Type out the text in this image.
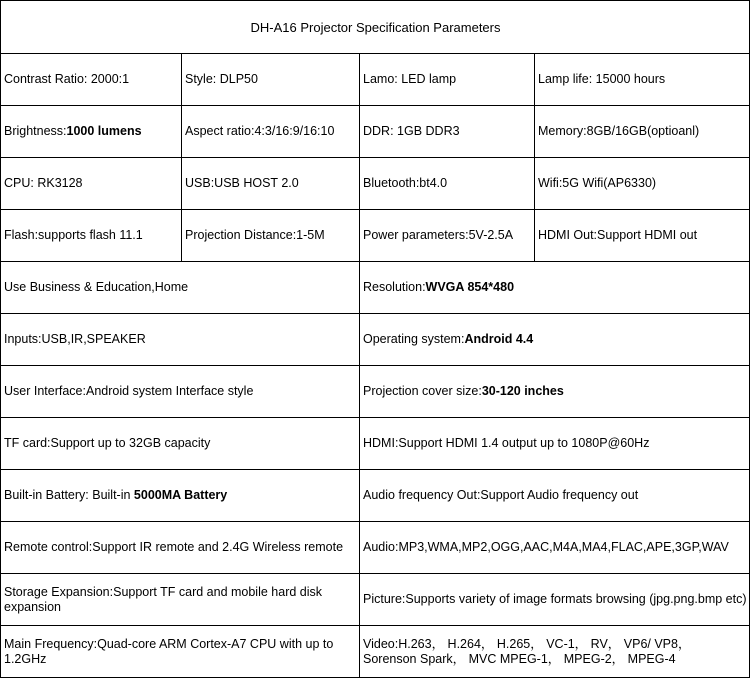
DH-A16 Projector Specification Parameters			
Contrast Ratio: 2000:1	Style: DLP50	Lamo: LED lamp	Lamp life: 15000 hours
Brightness:1000 lumens	Aspect ratio:4:3/16:9/16:10	DDR: 1GB DDR3	Memory:8GB/16GB(optioanl)
CPU: RK3128	USB:USB HOST 2.0	Bluetooth:bt4.0	Wifi:5G Wifi(AP6330)
Flash:supports flash 11.1	Projection Distance:1-5M	Power parameters:5V-2.5A	HDMI Out:Support HDMI out
Use Business & Education,Home		Resolution:WVGA 854*480	
Inputs:USB,IR,SPEAKER		Operating system:Android 4.4	
User Interface:Android system Interface style		Projection cover size:30-120 inches	
TF card:Support up to 32GB capacity		HDMI:Support HDMI 1.4 output up to 1080P@60Hz	
Built-in Battery: Built-in 5000MA Battery		Audio frequency Out:Support Audio frequency out	
Remote control:Support IR remote and 2.4G Wireless remote		Audio:MP3,WMA,MP2,OGG,AAC,M4A,MA4,FLAC,APE,3GP,WAV	
Storage Expansion:Support TF card and mobile hard disk expansion		Picture:Supports variety of image formats browsing (jpg.png.bmp etc)	
Main Frequency:Quad-core ARM Cortex-A7 CPU with up to 1.2GHz		Video:H.263， H.264， H.265， VC-1， RV， VP6/ VP8， Sorenson Spark， MVC MPEG-1， MPEG-2， MPEG-4	
